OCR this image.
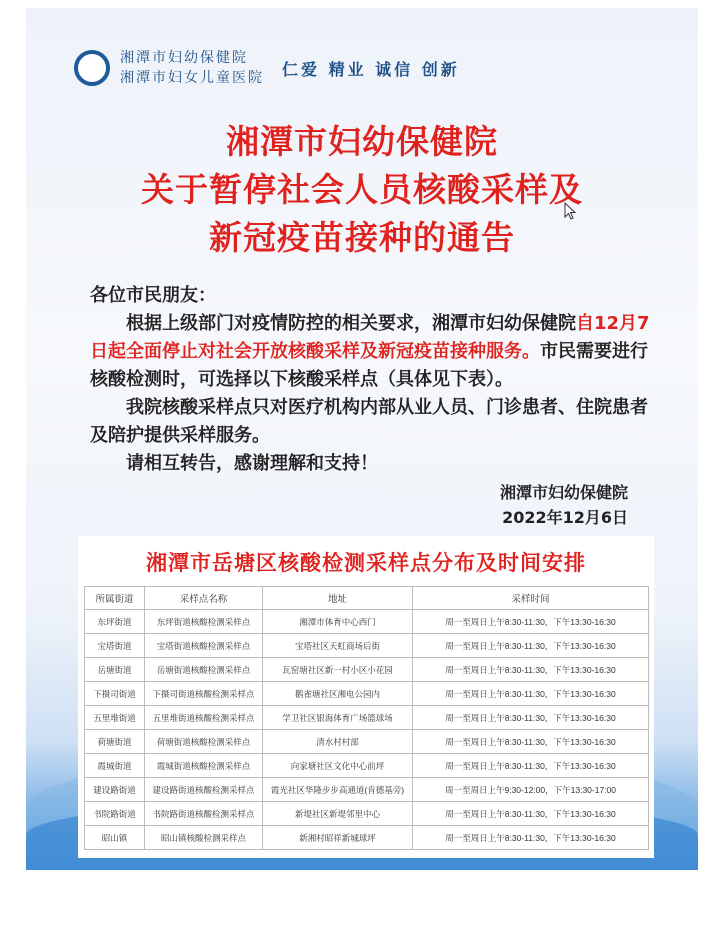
湘潭市妇幼保健院
湘潭市妇女儿童医院 仁爱 精业 诚信 创新
湘潭市妇幼保健院
关于暂停社会人员核酸采样及
新冠疫苗接种的通告
各位市民朋友：

根据上级部门对疫情防控的相关要求，湘潭市妇幼保健院自12月7日起全面停止对社会开放核酸采样及新冠疫苗接种服务。市民需要进行核酸检测时，可选择以下核酸采样点（具体见下表）。

我院核酸采样点只对医疗机构内部从业人员、门诊患者、住院患者及陪护提供采样服务。

请相互转告，感谢理解和支持！

湘潭市妇幼保健院
2022年12月6日
湘潭市岳塘区核酸检测采样点分布及时间安排
所属街道	采样点名称	地址	采样时间
东坪街道	东坪街道核酸检测采样点	湘潭市体育中心西门	周一至周日上午8:30-11:30，下午13:30-16:30
宝塔街道	宝塔街道核酸检测采样点	宝塔社区天虹商场后街	周一至周日上午8:30-11:30，下午13:30-16:30
岳塘街道	岳塘街道核酸检测采样点	瓦窑塘社区新一村小区小花园	周一至周日上午8:30-11:30，下午13:30-16:30
下摄司街道	下摄司街道核酸检测采样点	鹅雀塘社区湘电公园内	周一至周日上午8:30-11:30，下午13:30-16:30
五里堆街道	五里堆街道核酸检测采样点	学卫社区银海体育广场篮球场	周一至周日上午8:30-11:30，下午13:30-16:30
荷塘街道	荷塘街道核酸检测采样点	清水村村部	周一至周日上午8:30-11:30，下午13:30-16:30
霞城街道	霞城街道核酸检测采样点	向家塘社区文化中心前坪	周一至周日上午8:30-11:30，下午13:30-16:30
建设路街道	建设路街道核酸检测采样点	霞光社区华隆步步高通道(肯德基旁)	周一至周日上午9:30-12:00，下午13:30-17:00
书院路街道	书院路街道核酸检测采样点	新堤社区新堤邻里中心	周一至周日上午8:30-11:30，下午13:30-16:30
昭山镇	昭山镇核酸检测采样点	新湘村昭祥新城球坪	周一至周日上午8:30-11:30，下午13:30-16:30
